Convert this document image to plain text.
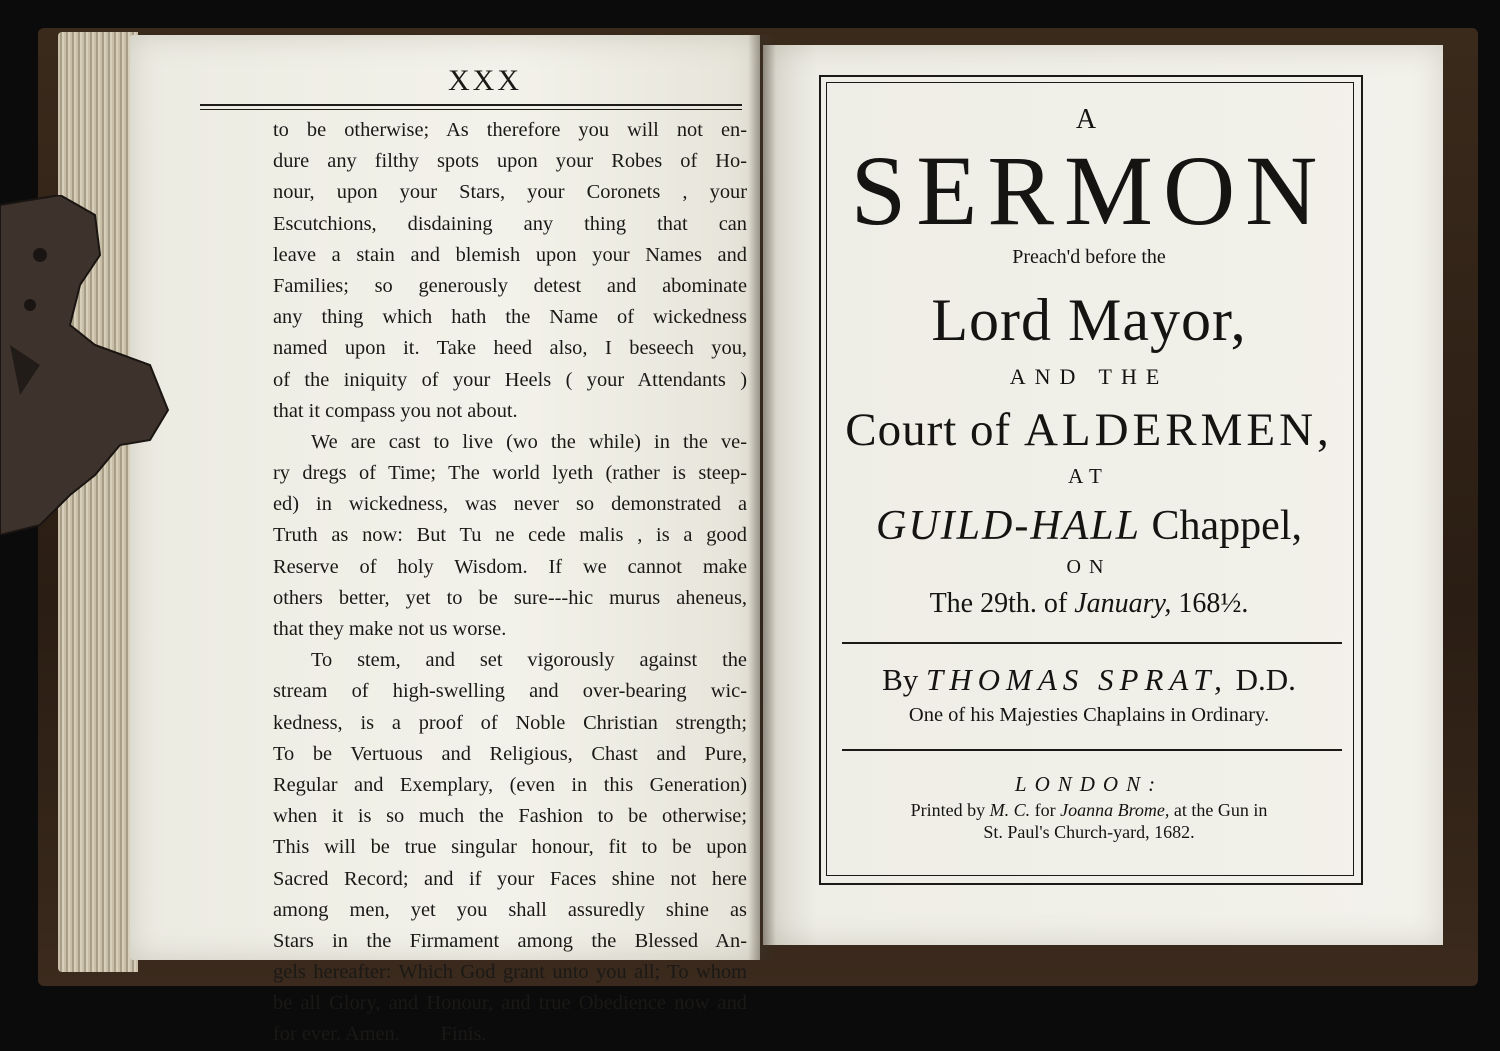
XXX
to be otherwise; As therefore you will not en-
dure any filthy spots upon your Robes of Ho-
nour, upon your Stars, your Coronets , your
Escutchions, disdaining any thing that can
leave a stain and blemish upon your Names and
Families; so generously detest and abominate
any thing which hath the Name of wickedness
named upon it. Take heed also, I beseech you,
of the iniquity of your Heels ( your Attendants )
that it compass you not about.
We are cast to live (wo the while) in the ve-
ry dregs of Time; The world lyeth (rather is steep-
ed) in wickedness, was never so demonstrated a
Truth as now: But Tu ne cede malis , is a good
Reserve of holy Wisdom. If we cannot make
others better, yet to be sure---hic murus aheneus,
that they make not us worse.
To stem, and set vigorously against the
stream of high-swelling and over-bearing wic-
kedness, is a proof of Noble Christian strength;
To be Vertuous and Religious, Chast and Pure,
Regular and Exemplary, (even in this Generation)
when it is so much the Fashion to be otherwise;
This will be true singular honour, fit to be upon
Sacred Record; and if your Faces shine not here
among men, yet you shall assuredly shine as
Stars in the Firmament among the Blessed An-
gels hereafter: Which God grant unto you all; To whom
be all Glory, and Honour, and true Obedience now and
for ever. Amen.        Finis.
A
SERMON
Preach'd before the
Lord Mayor,
AND THE
Court of ALDERMEN,
AT
GUILD-HALL Chappel,
ON
The 29th. of January, 168½.
By THOMAS SPRAT, D.D.
One of his Majesties Chaplains in Ordinary.
LONDON:
Printed by M. C. for Joanna Brome, at the Gun in
St. Paul's Church-yard, 1682.
